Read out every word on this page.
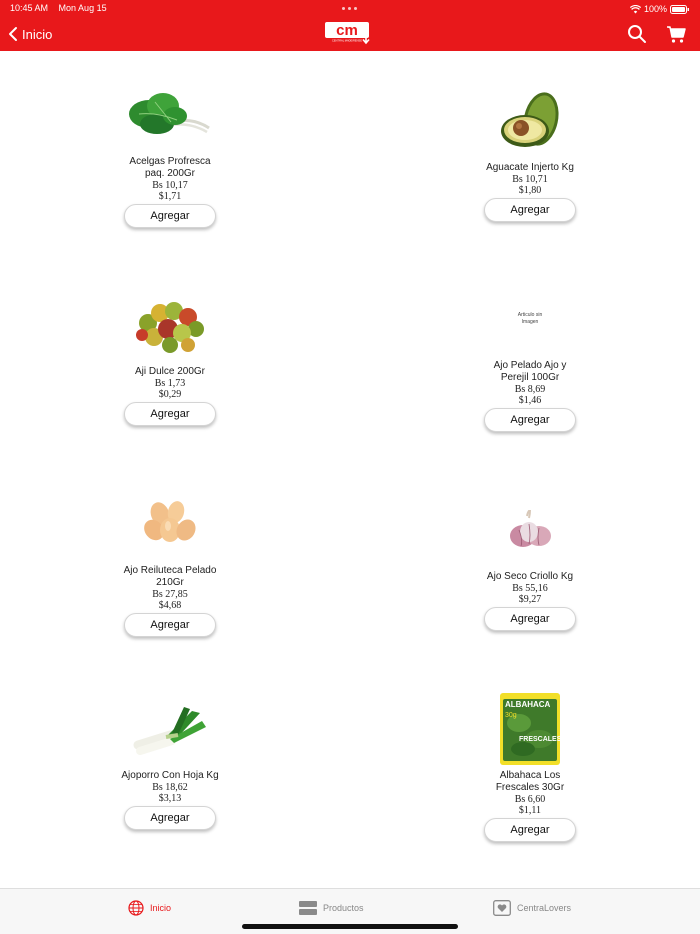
10:45 AM Mon Aug 15	100%
Inicio	cm
CENTRAL MADEIRENSE
Acelgas Profresca paq. 200Gr
Bs 10,17
$1,71
Agregar
Aguacate Injerto Kg
Bs 10,71
$1,80
Agregar
Aji Dulce 200Gr
Bs 1,73
$0,29
Agregar
Articulo sin Imagen
Ajo Pelado Ajo y Perejil 100Gr
Bs 8,69
$1,46
Agregar
Ajo Reiluteca Pelado 210Gr
Bs 27,85
$4,68
Agregar
Ajo Seco Criollo Kg
Bs 55,16
$9,27
Agregar
Ajoporro Con Hoja Kg
Bs 18,62
$3,13
Agregar
ALBAHACA
30g
FRESCALES
Albahaca Los Frescales 30Gr
Bs 6,60
$1,11
Agregar
Inicio	Productos	CentraLovers
